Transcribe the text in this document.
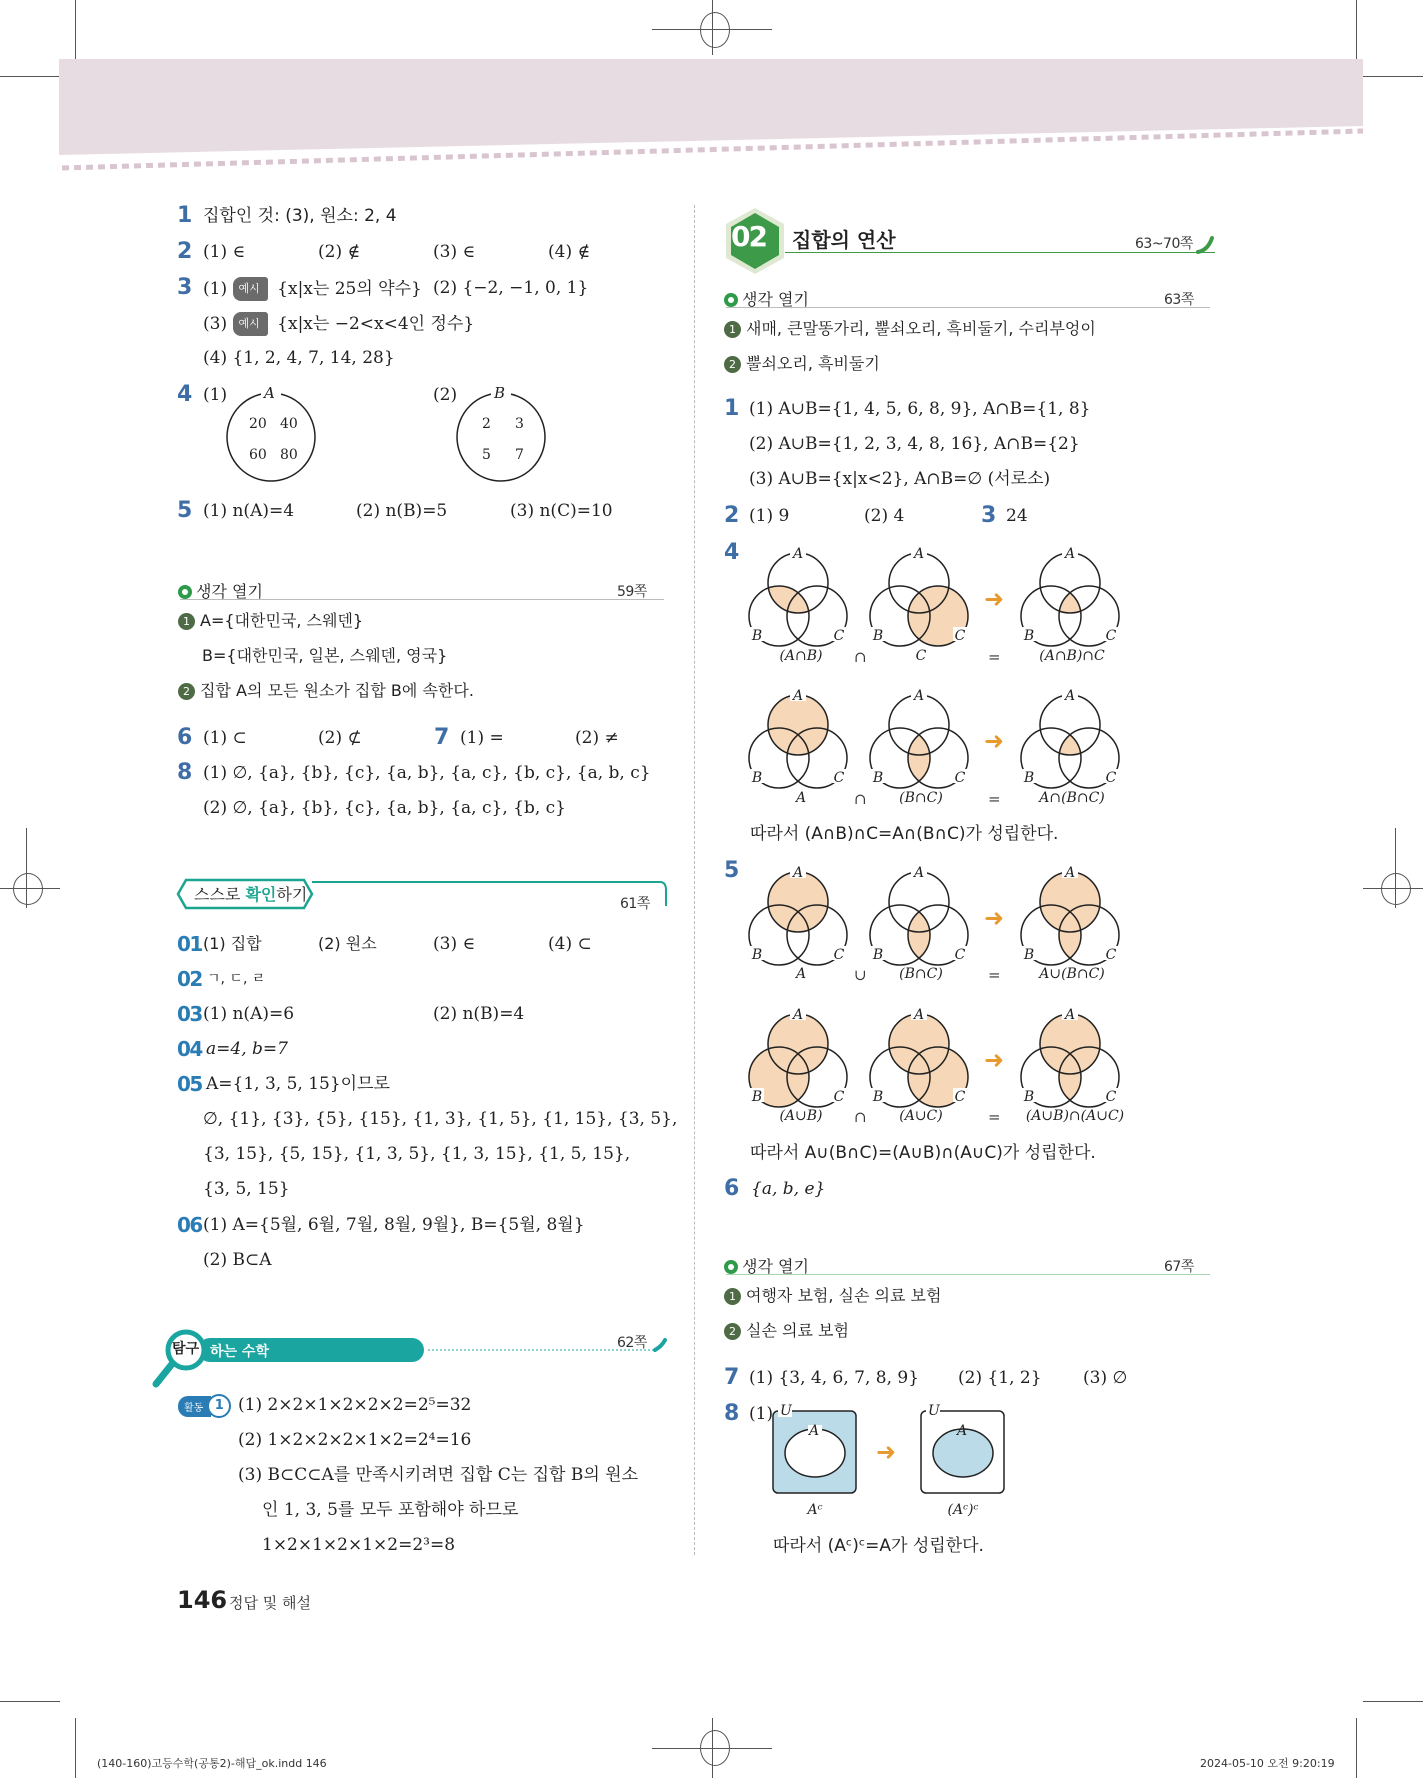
1 집합인 것: (3), 원소: 2, 4
2 (1) ∈	(2) ∉	(3) ∈	(4) ∉
3 (1) 예시 {x|x는 25의 약수} (2) {−2, −1, 0, 1}
(3) 예시 {x|x는 −2<x<4인 정수}
(4) {1, 2, 4, 7, 14, 28}
4 (1) A
20 40
60 80
(2) B
2 3
5 7
5 (1) n(A)=4	(2) n(B)=5	(3) n(C)=10
생각 열기	59쪽
1 A={대한민국, 스웨덴}
B={대한민국, 일본, 스웨덴, 영국}
2 집합 A의 모든 원소가 집합 B에 속한다.
6 (1) ⊂	(2) ⊄	7 (1) =	(2) ≠
8 (1) ∅, {a}, {b}, {c}, {a, b}, {a, c}, {b, c}, {a, b, c}
(2) ∅, {a}, {b}, {c}, {a, b}, {a, c}, {b, c}
스스로 확인하기	61쪽
01 (1) 집합	(2) 원소	(3) ∈	(4) ⊂
02 ㄱ, ㄷ, ㄹ
03 (1) n(A)=6	(2) n(B)=4
04 a=4, b=7
05 A={1, 3, 5, 15}이므로
∅, {1}, {3}, {5}, {15}, {1, 3}, {1, 5}, {1, 15}, {3, 5},
{3, 15}, {5, 15}, {1, 3, 5}, {1, 3, 15}, {1, 5, 15},
{3, 5, 15}
06 (1) A={5월, 6월, 7월, 8월, 9월}, B={5월, 8월}
(2) B⊂A
탐구 하는 수학
62쪽
활동 1 (1) 2×2×1×2×2×2=2⁵=32
(2) 1×2×2×2×1×2=2⁴=16
(3) B⊂C⊂A를 만족시키려면 집합 C는 집합 B의 원소
인 1, 3, 5를 모두 포함해야 하므로
1×2×1×2×1×2=2³=8
146 정답 및 해설
02 집합의 연산	63~70쪽
생각 열기	63쪽
1 새매, 큰말똥가리, 뿔쇠오리, 흑비둘기, 수리부엉이
2 뿔쇠오리, 흑비둘기
1 (1) A∪B={1, 4, 5, 6, 8, 9}, A∩B={1, 8}
(2) A∪B={1, 2, 3, 4, 8, 16}, A∩B={2}
(3) A∪B={x|x<2}, A∩B=∅ (서로소)
2 (1) 9	(2) 4	3 24
A
B
4
➜
(A∩B)	∩	C	=	(A∩B)∩C
➜
A	∩	(B∩C)	=	A∩(B∩C)
따라서 (A∩B)∩C=A∩(B∩C)가 성립한다.
5
➜
A	∪	(B∩C)	=	A∪(B∩C)
➜
(A∪B)	∩	(A∪C)	=	(A∪B)∩(A∪C)
따라서 A∪(B∩C)=(A∪B)∩(A∪C)가 성립한다.
6 {a, b, e}
생각 열기	67쪽
1 여행자 보험, 실손 의료 보험
2 실손 의료 보험
7 (1) {3, 4, 6, 7, 8, 9} (2) {1, 2} (3) ∅
8 (1) U
A
➜
U
A
Aᶜ	(Aᶜ)ᶜ
따라서 (Aᶜ)ᶜ=A가 성립한다.
(140-160)고등수학(공통2)-해답_ok.indd 146	2024-05-10 오전 9:20:19
